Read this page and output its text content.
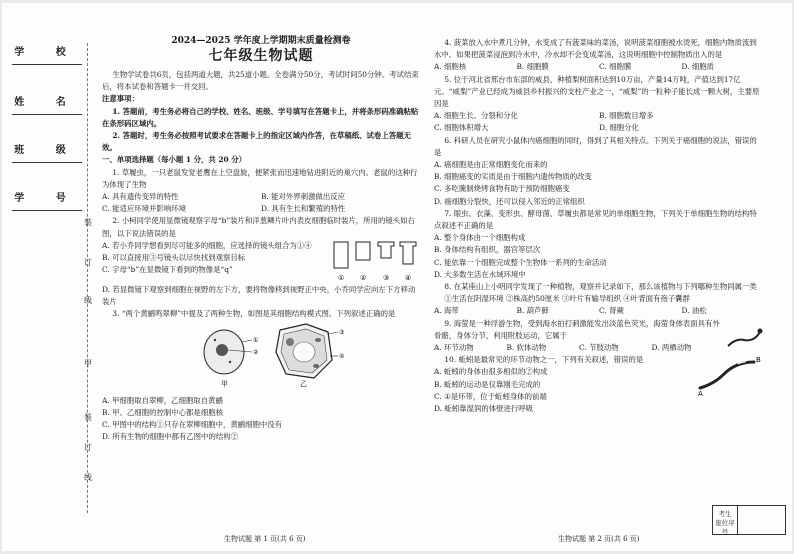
学 校
姓 名
班 级
学 号
装
订
线
甲
装
订
线
2024—2025 学年度上学期期末质量检测卷
七年级生物试题

生物学试卷共6页，包括两道大题，共25道小题。全卷满分50分，考试时间50分钟。考试结束后，将本试卷和答题卡一并交回。

注意事项：

1. 答题前，考生务必将自己的学校、姓名、班级、学号填写在答题卡上，并将条形码准确粘贴在条形码区域内。

2. 答题时，考生务必按照考试要求在答题卡上的指定区域内作答，在草稿纸、试卷上答题无效。

一、单项选择题（每小题 1 分，共 20 分）

1. 草履虫，一只老鼠发觉老鹰在上空盘旋，便紧张而迅速地钻进附近的巢穴内。老鼠的这种行为体现了生物

A. 具有遗传变异的特性	B. 能对外界刺激做出反应
C. 能适应环境并影响环境	D. 具有生长和繁殖的特性

2. 小柯同学使用显微镜观察字母“b”装片和洋葱鳞片叶内表皮细胞临时装片，所用的镜头如右图，以下说法错误的是

A. 若小乔同学想看到尽可能多的细胞，应选择的镜头组合为①④

B. 可以直接用③号镜头以尽快找到观察目标

C. 字母“b”在显微镜下看到的物像是“q”

① ② ③ ④

D. 若显微镜下观察到细胞在视野的左下方，要将物像移到视野正中央，小乔同学应向左下方移动装片

3. “两个黄鹂鸣翠柳”中提及了两种生物，如图是其细胞结构模式图。下列叙述正确的是

①
②
甲
③
④
乙

A. 甲细胞取自翠柳，乙细胞取自黄鹂

B. 甲、乙细胞的控制中心都是细胞核

C. 甲图中的结构①只存在翠柳细胞中，黄鹂细胞中没有

D. 所有生物的细胞中都有乙图中的结构②

4. 菠菜放入水中煮几分钟，水变成了有菠菜味的菜汤，说明菠菜细胞被水烫死，细胞内物质流到水中。如果把菠菜浸泡到冷水中，冷水却不会变成菜汤，这说明细胞中控制物质出入的是

A. 细胞核	B. 细胞膜	C. 细胞膜	D. 细胞质

5. 位于河北省邢台市东部的威县，种植梨树面积达到10万亩，产量14万吨，产值达到17亿元。“威梨”产业已经成为威县乡村振兴的支柱产业之一，“威梨”的一粒种子能长成一颗大树，主要原因是

A. 细胞生长、分裂和分化	B. 细胞数目增多
C. 细胞体积增大	D. 细胞分化

6. 科研人员在研究小鼠体内癌细胞的同时，得到了其相关特点。下列关于癌细胞的说法，错误的是

A. 癌细胞是由正常细胞变化而来的

B. 细胞癌变的实质是由于细胞内遗传物质的改变

C. 多吃腌制烧烤食物有助于预防细胞癌变

D. 癌细胞分裂快，还可以侵入邻近的正常组织

7. 眼虫、衣藻、变形虫、酵母菌、草履虫都是常见的单细胞生物，下列关于单细胞生物的结构特点叙述不正确的是

A. 整个身体由一个细胞构成

B. 身体结构有组织，器官等层次

C. 能依靠一个细胞完成整个生物体一系列的生命活动

D. 大多数生活在水域环境中

8. 在某座山上小明同学发现了一种植物，观察并记录如下，那么该植物与下列哪种生物同属一类

①生活在阴湿环境 ②株高约50厘米 ③叶片有输导组织 ④叶背面有孢子囊群

A. 海带	B. 葫芦藓	C. 肾蕨	D. 油松

9. 海萤是一种浮游生物，受到海水拍打刺激能发出淡蓝色荧光，海萤身体表面具有外骨骼，身体分节，利用附肢运动，它属于

A. 环节动物	B. 软体动物	C. 节肢动物	D. 两栖动物

10. 蚯蚓是最常见的环节动物之一，下列有关叙述，错误的是

A. 蚯蚓的身体由很多相似的②构成

B. 蚯蚓的运动是仅靠刚毛完成的

C. ①是环带，位于蚯蚓身体的前端

D. 蚯蚓靠湿润的体壁进行呼吸

B
A
考生
座位序号
生物试题 第 1 页(共 6 页)	生物试题 第 2 页(共 6 页)
